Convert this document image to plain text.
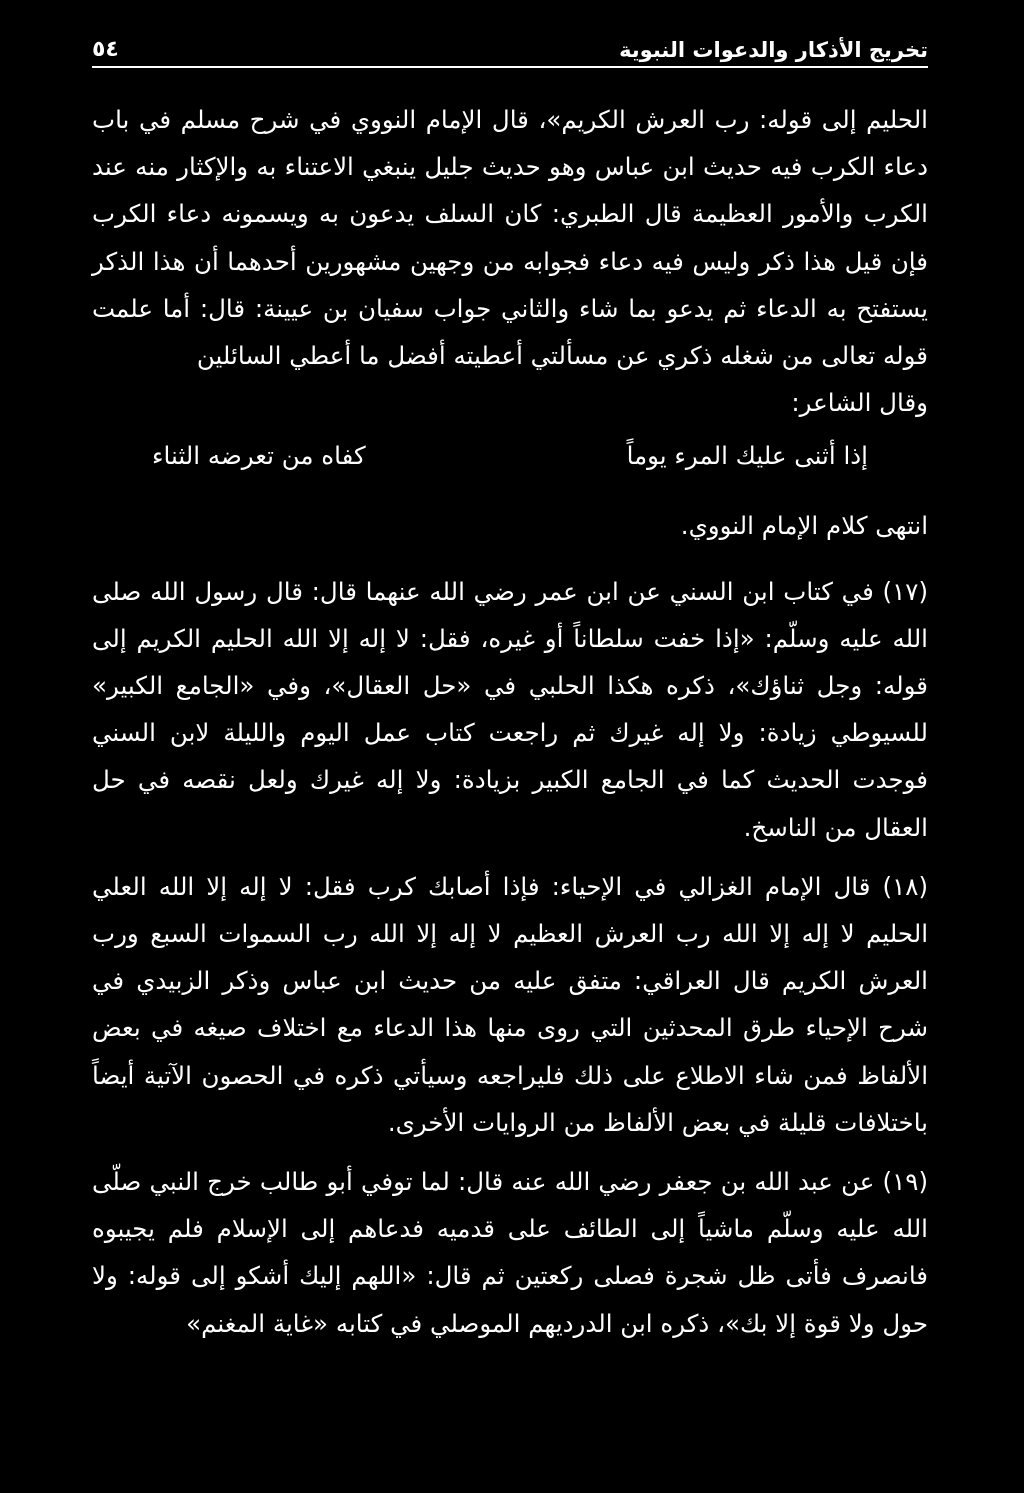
تخريج الأذكار والدعوات النبوية
٥٤

الحليم إلى قوله: رب العرش الكريم»، قال الإمام النووي في شرح مسلم في باب دعاء الكرب فيه حديث ابن عباس وهو حديث جليل ينبغي الاعتناء به والإكثار منه عند الكرب والأمور العظيمة قال الطبري: كان السلف يدعون به ويسمونه دعاء الكرب فإن قيل هذا ذكر وليس فيه دعاء فجوابه من وجهين مشهورين أحدهما أن هذا الذكر يستفتح به الدعاء ثم يدعو بما شاء والثاني جواب سفيان بن عيينة: قال: أما علمت قوله تعالى من شغله ذكري عن مسألتي أعطيته أفضل ما أعطي السائلين

وقال الشاعر:

إذا أثنى عليك المرء يوماً
كفاه من تعرضه الثناء

انتهى كلام الإمام النووي.

(١٧) في كتاب ابن السني عن ابن عمر رضي الله عنهما قال: قال رسول الله صلى الله عليه وسلّم: «إذا خفت سلطاناً أو غيره، فقل: لا إله إلا الله الحليم الكريم إلى قوله: وجل ثناؤك»، ذكره هكذا الحلبي في «حل العقال»، وفي «الجامع الكبير» للسيوطي زيادة: ولا إله غيرك ثم راجعت كتاب عمل اليوم والليلة لابن السني فوجدت الحديث كما في الجامع الكبير بزيادة: ولا إله غيرك ولعل نقصه في حل العقال من الناسخ.

(١٨) قال الإمام الغزالي في الإحياء: فإذا أصابك كرب فقل: لا إله إلا الله العلي الحليم لا إله إلا الله رب العرش العظيم لا إله إلا الله رب السموات السبع ورب العرش الكريم قال العراقي: متفق عليه من حديث ابن عباس وذكر الزبيدي في شرح الإحياء طرق المحدثين التي روى منها هذا الدعاء مع اختلاف صيغه في بعض الألفاظ فمن شاء الاطلاع على ذلك فليراجعه وسيأتي ذكره في الحصون الآتية أيضاً باختلافات قليلة في بعض الألفاظ من الروايات الأخرى.

(١٩) عن عبد الله بن جعفر رضي الله عنه قال: لما توفي أبو طالب خرج النبي صلّى الله عليه وسلّم ماشياً إلى الطائف على قدميه فدعاهم إلى الإسلام فلم يجيبوه فانصرف فأتى ظل شجرة فصلى ركعتين ثم قال: «اللهم إليك أشكو إلى قوله: ولا حول ولا قوة إلا بك»، ذكره ابن الدرديهم الموصلي في كتابه «غاية المغنم»
